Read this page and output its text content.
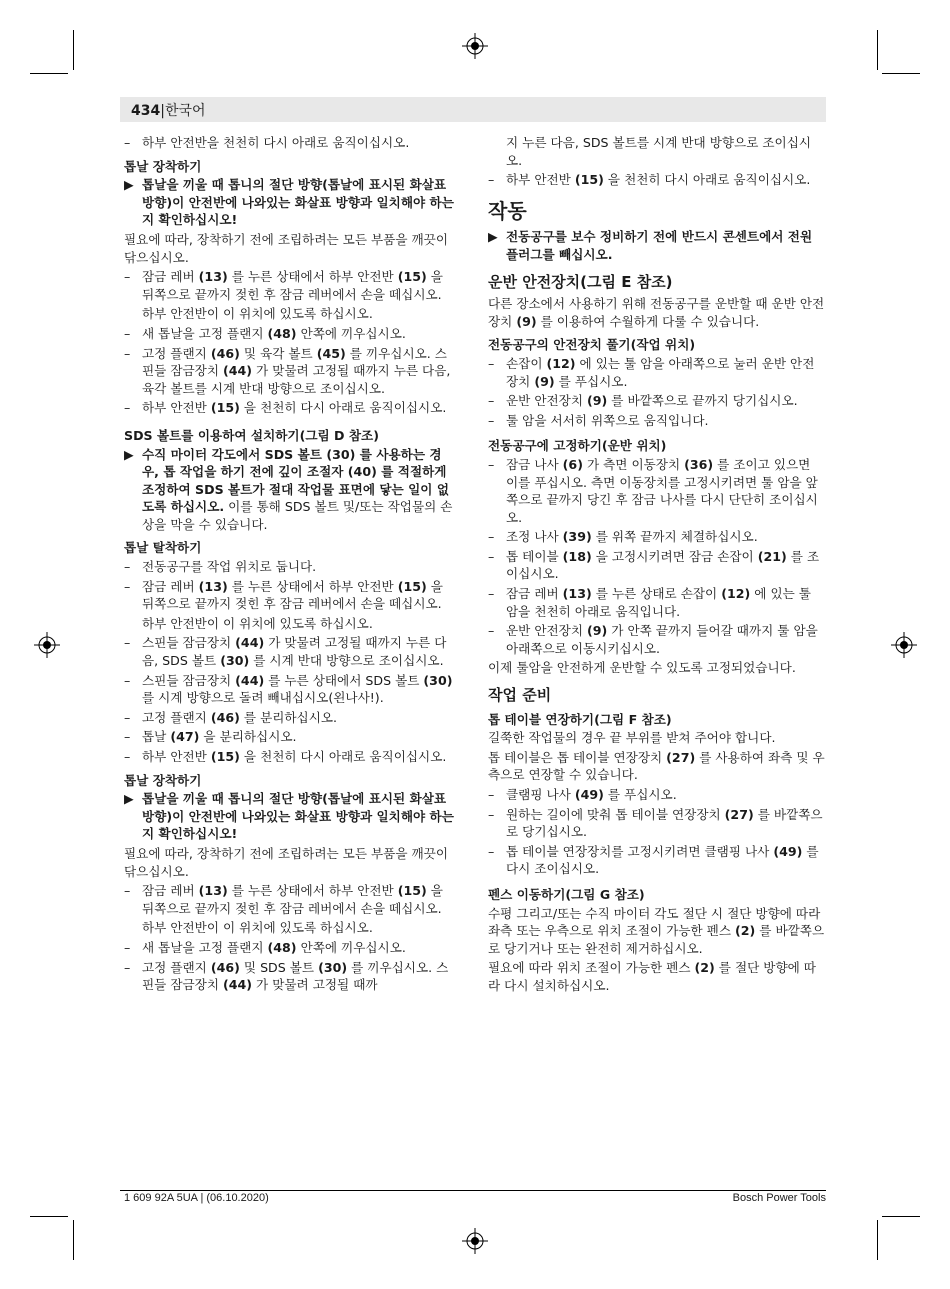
434|한국어
– 하부 안전반을 천천히 다시 아래로 움직이십시오.
톱날 장착하기
▶ 톱날을 끼울 때 톱니의 절단 방향(톱날에 표시된 화살표 방향)이 안전반에 나와있는 화살표 방향과 일치해야 하는지 확인하십시오!
필요에 따라, 장착하기 전에 조립하려는 모든 부품을 깨끗이 닦으십시오.
– 잠금 레버 (13) 를 누른 상태에서 하부 안전반 (15) 을 뒤쪽으로 끝까지 젖힌 후 잠금 레버에서 손을 떼십시오.
하부 안전반이 이 위치에 있도록 하십시오.
– 새 톱날을 고정 플랜지 (48) 안쪽에 끼우십시오.
– 고정 플랜지 (46) 및 육각 볼트 (45) 를 끼우십시오. 스핀들 잠금장치 (44) 가 맞물려 고정될 때까지 누른 다음, 육각 볼트를 시계 반대 방향으로 조이십시오.
– 하부 안전반 (15) 을 천천히 다시 아래로 움직이십시오.
SDS 볼트를 이용하여 설치하기(그림 D 참조)
▶ 수직 마이터 각도에서 SDS 볼트 (30) 를 사용하는 경우, 톱 작업을 하기 전에 깊이 조절자 (40) 를 적절하게 조정하여 SDS 볼트가 절대 작업물 표면에 닿는 일이 없도록 하십시오. 이를 통해 SDS 볼트 및/또는 작업물의 손상을 막을 수 있습니다.
톱날 탈착하기
– 전동공구를 작업 위치로 둡니다.
– 잠금 레버 (13) 를 누른 상태에서 하부 안전반 (15) 을 뒤쪽으로 끝까지 젖힌 후 잠금 레버에서 손을 떼십시오.
하부 안전반이 이 위치에 있도록 하십시오.
– 스핀들 잠금장치 (44) 가 맞물려 고정될 때까지 누른 다음, SDS 볼트 (30) 를 시계 반대 방향으로 조이십시오.
– 스핀들 잠금장치 (44) 를 누른 상태에서 SDS 볼트 (30) 를 시계 방향으로 돌려 빼내십시오(왼나사!).
– 고정 플랜지 (46) 를 분리하십시오.
– 톱날 (47) 을 분리하십시오.
– 하부 안전반 (15) 을 천천히 다시 아래로 움직이십시오.
톱날 장착하기
▶ 톱날을 끼울 때 톱니의 절단 방향(톱날에 표시된 화살표 방향)이 안전반에 나와있는 화살표 방향과 일치해야 하는지 확인하십시오!
필요에 따라, 장착하기 전에 조립하려는 모든 부품을 깨끗이 닦으십시오.
– 잠금 레버 (13) 를 누른 상태에서 하부 안전반 (15) 을 뒤쪽으로 끝까지 젖힌 후 잠금 레버에서 손을 떼십시오.
하부 안전반이 이 위치에 있도록 하십시오.
– 새 톱날을 고정 플랜지 (48) 안쪽에 끼우십시오.
– 고정 플랜지 (46) 및 SDS 볼트 (30) 를 끼우십시오. 스핀들 잠금장치 (44) 가 맞물려 고정될 때까
지 누른 다음, SDS 볼트를 시계 반대 방향으로 조이십시오.
– 하부 안전반 (15) 을 천천히 다시 아래로 움직이십시오.
작동
▶ 전동공구를 보수 정비하기 전에 반드시 콘센트에서 전원 플러그를 빼십시오.
운반 안전장치(그림 E 참조)
다른 장소에서 사용하기 위해 전동공구를 운반할 때 운반 안전장치 (9) 를 이용하여 수월하게 다룰 수 있습니다.
전동공구의 안전장치 풀기(작업 위치)
– 손잡이 (12) 에 있는 툴 암을 아래쪽으로 눌러 운반 안전장치 (9) 를 푸십시오.
– 운반 안전장치 (9) 를 바깥쪽으로 끝까지 당기십시오.
– 툴 암을 서서히 위쪽으로 움직입니다.
전동공구에 고정하기(운반 위치)
– 잠금 나사 (6) 가 측면 이동장치 (36) 를 조이고 있으면 이를 푸십시오. 측면 이동장치를 고정시키려면 툴 암을 앞쪽으로 끝까지 당긴 후 잠금 나사를 다시 단단히 조이십시오.
– 조정 나사 (39) 를 위쪽 끝까지 체결하십시오.
– 톱 테이블 (18) 을 고정시키려면 잠금 손잡이 (21) 를 조이십시오.
– 잠금 레버 (13) 를 누른 상태로 손잡이 (12) 에 있는 툴 암을 천천히 아래로 움직입니다.
– 운반 안전장치 (9) 가 안쪽 끝까지 들어갈 때까지 툴 암을 아래쪽으로 이동시키십시오.
이제 툴암을 안전하게 운반할 수 있도록 고정되었습니다.
작업 준비
톱 테이블 연장하기(그림 F 참조)
길쭉한 작업물의 경우 끝 부위를 받쳐 주어야 합니다.
톱 테이블은 톱 테이블 연장장치 (27) 를 사용하여 좌측 및 우측으로 연장할 수 있습니다.
– 클램핑 나사 (49) 를 푸십시오.
– 원하는 길이에 맞춰 톱 테이블 연장장치 (27) 를 바깥쪽으로 당기십시오.
– 톱 테이블 연장장치를 고정시키려면 클램핑 나사 (49) 를 다시 조이십시오.
펜스 이동하기(그림 G 참조)
수평 그리고/또는 수직 마이터 각도 절단 시 절단 방향에 따라 좌측 또는 우측으로 위치 조절이 가능한 펜스 (2) 를 바깥쪽으로 당기거나 또는 완전히 제거하십시오.
필요에 따라 위치 조절이 가능한 펜스 (2) 를 절단 방향에 따라 다시 설치하십시오.
1 609 92A 5UA | (06.10.2020)	Bosch Power Tools
